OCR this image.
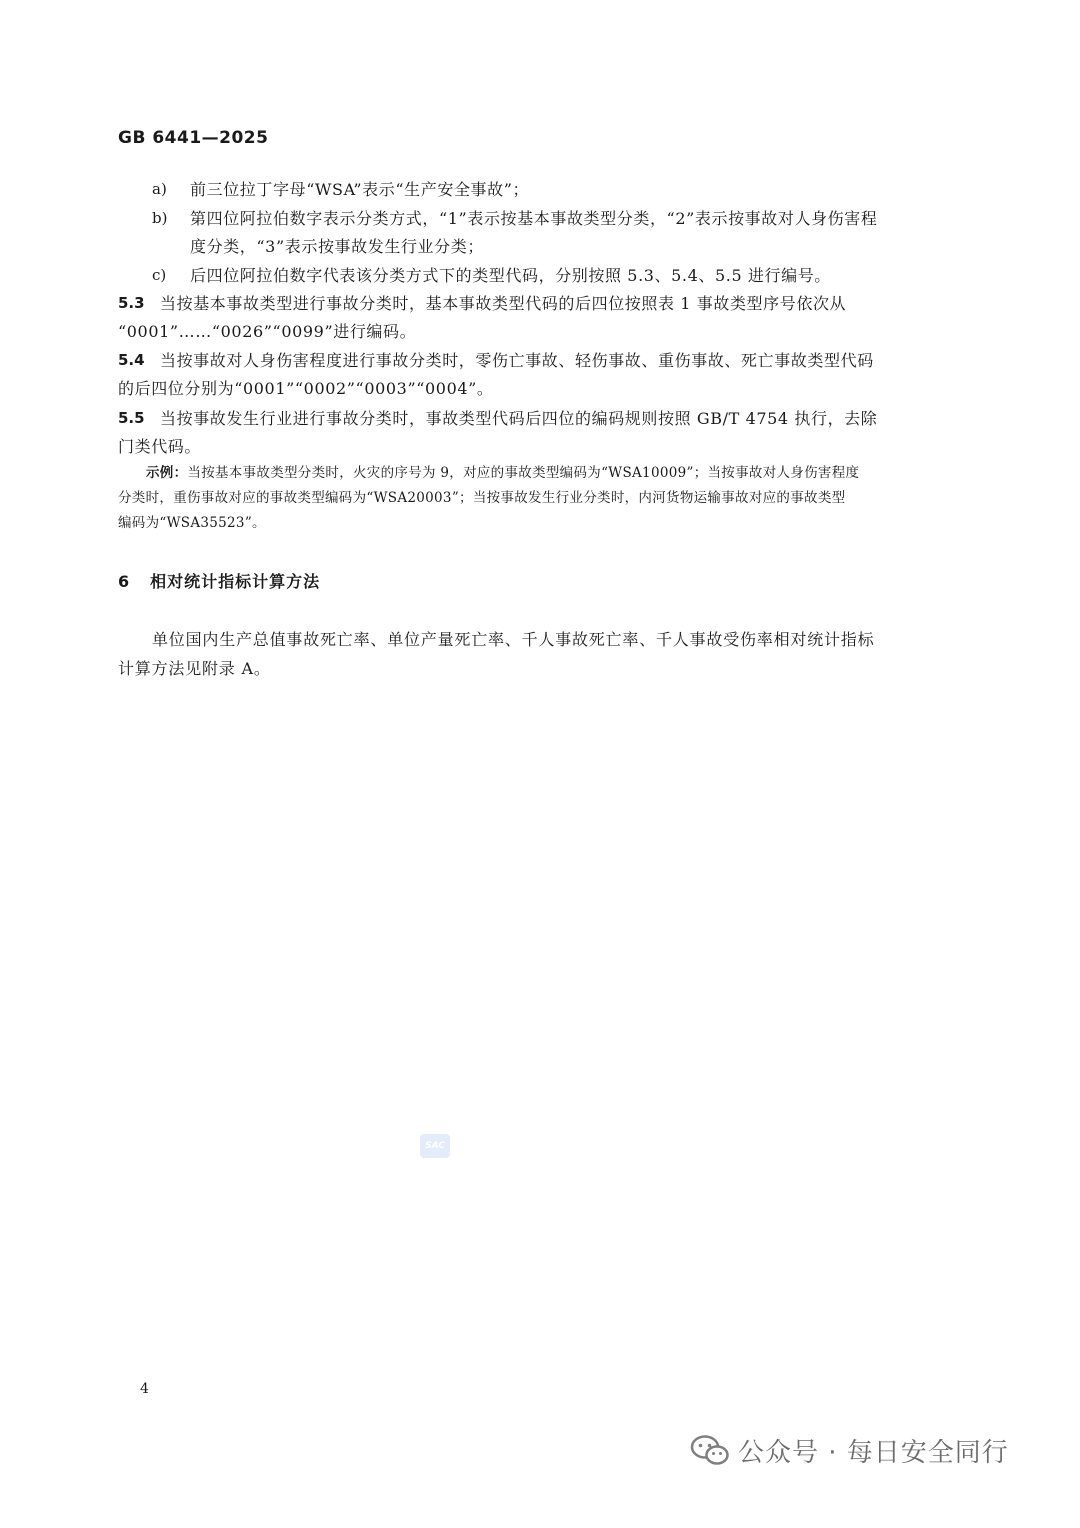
GB 6441—2025
a) 前三位拉丁字母“WSA”表示“生产安全事故”；
b) 第四位阿拉伯数字表示分类方式，“1”表示按基本事故类型分类，“2”表示按事故对人身伤害程
度分类，“3”表示按事故发生行业分类；
c) 后四位阿拉伯数字代表该分类方式下的类型代码，分别按照 5.3、5.4、5.5 进行编号。
5.3 当按基本事故类型进行事故分类时，基本事故类型代码的后四位按照表 1 事故类型序号依次从
“0001”……“0026”“0099”进行编码。
5.4 当按事故对人身伤害程度进行事故分类时，零伤亡事故、轻伤事故、重伤事故、死亡事故类型代码
的后四位分别为“0001”“0002”“0003”“0004”。
5.5 当按事故发生行业进行事故分类时，事故类型代码后四位的编码规则按照 GB/T 4754 执行，去除
门类代码。
示例：当按基本事故类型分类时，火灾的序号为 9，对应的事故类型编码为“WSA10009”；当按事故对人身伤害程度
分类时，重伤事故对应的事故类型编码为“WSA20003”；当按事故发生行业分类时，内河货物运输事故对应的事故类型
编码为“WSA35523”。
6 相对统计指标计算方法
单位国内生产总值事故死亡率、单位产量死亡率、千人事故死亡率、千人事故受伤率相对统计指标
计算方法见附录 A。
SAC
4
公众号 · 每日安全同行
